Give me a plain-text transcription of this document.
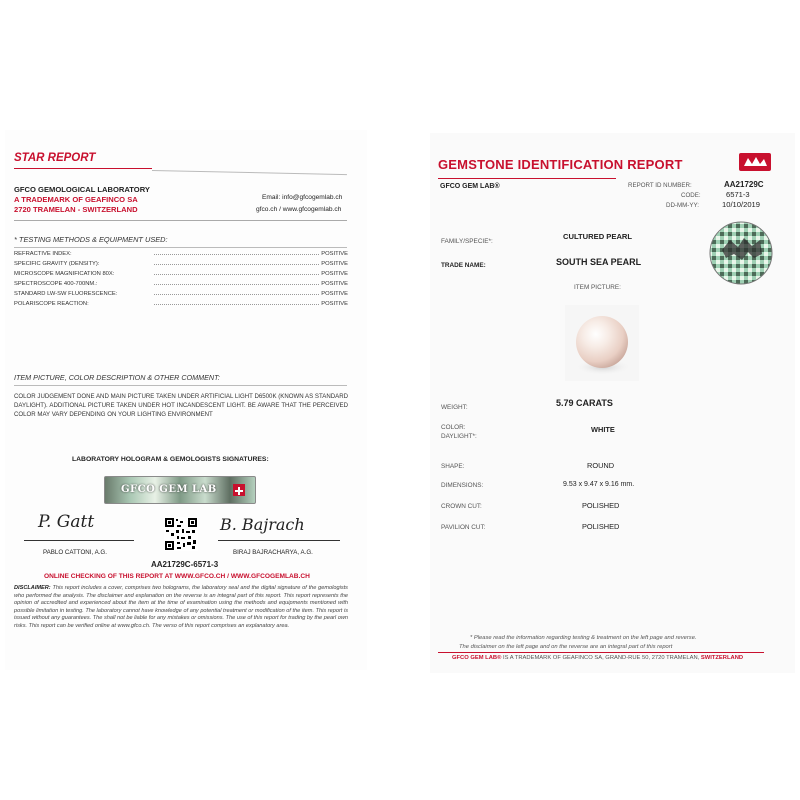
STAR REPORT
GFCO GEMOLOGICAL LABORATORY
A TRADEMARK OF GEAFINCO SA
2720 TRAMELAN - SWITZERLAND
Email: info@gfcogemlab.ch
gfco.ch / www.gfcogemlab.ch
* TESTING METHODS & EQUIPMENT USED:
REFRACTIVE INDEX:	POSITIVE
SPECIFIC GRAVITY (DENSITY):	POSITIVE
MICROSCOPE MAGNIFICATION 80X:	POSITIVE
SPECTROSCOPE 400-700NM.:	POSITIVE
STANDARD LW-SW FLUORESCENCE:	POSITIVE
POLARISCOPE REACTION:	POSITIVE
ITEM PICTURE, COLOR DESCRIPTION & OTHER COMMENT:
COLOR JUDGEMENT DONE AND MAIN PICTURE TAKEN UNDER ARTIFICIAL LIGHT D6500K (KNOWN AS STANDARD DAYLIGHT). ADDITIONAL PICTURE TAKEN UNDER HOT INCANDESCENT LIGHT. BE AWARE THAT THE PERCEIVED COLOR MAY VARY DEPENDING ON YOUR LIGHTING ENVIRONMENT
LABORATORY HOLOGRAM & GEMOLOGISTS SIGNATURES:
GFCO GEM LAB
P. Gatt
PABLO CATTONI, A.G.
B. Bajrach
BIRAJ BAJRACHARYA, A.G.
AA21729C-6571-3
ONLINE CHECKING OF THIS REPORT AT WWW.GFCO.CH / WWW.GFCOGEMLAB.CH
DISCLAIMER: This report includes a cover, comprises two holograms, the laboratory seal and the digital signature of the gemologists who performed the analysis. The disclaimer and explanation on the reverse is an integral part of this report. This report represents the opinion of accredited and experienced about the item at the time of examination using the methods and equipments mentioned with possible limitation in testing. The laboratory cannot have knowledge of any potential treatment or modification of the item. This report is issued without any guarantees. The shall not be liable for any mistakes or omissions. The use of this report for trading by the pearl own risks. This report can be verified online at www.gfco.ch. The verso of this report comprises an explanatory area.
GEMSTONE IDENTIFICATION REPORT
GFCO GEM LAB®	REPORT ID NUMBER:	AA21729C
CODE:	6571-3
DD-MM-YY:	10/10/2019
FAMILY/SPECIE*:
CULTURED PEARL
TRADE NAME:	SOUTH SEA PEARL
ITEM PICTURE:
WEIGHT:	5.79 CARATS
COLOR:
DAYLIGHT*:
WHITE
SHAPE:	ROUND
DIMENSIONS:	9.53 x 9.47 x 9.16 mm.
CROWN CUT:	POLISHED
PAVILION CUT:	POLISHED
* Please read the information regarding testing & treatment on the left page and reverse.
The disclaimer on the left page and on the reverse are an integral part of this report
GFCO GEM LAB® IS A TRADEMARK OF GEAFINCO SA, GRAND-RUE 50, 2720 TRAMELAN, SWITZERLAND
